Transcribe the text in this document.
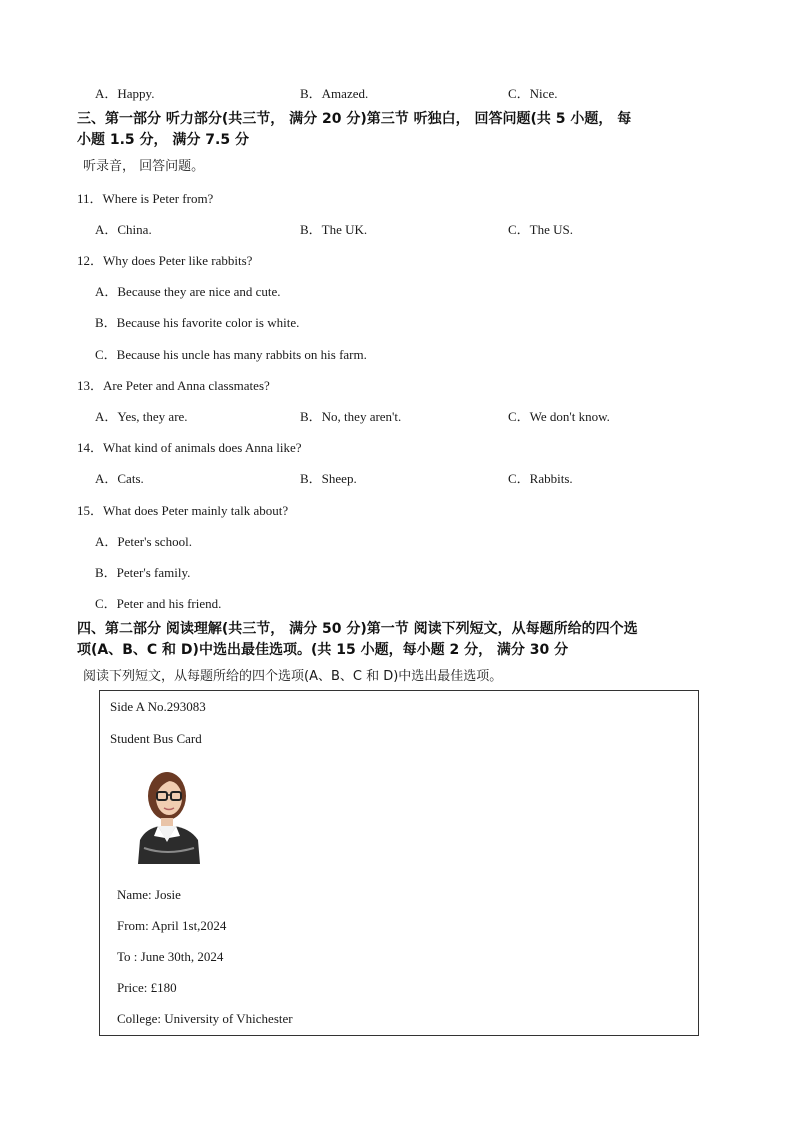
A．Happy.	B．Amazed.	C．Nice.
三、第一部分 听力部分(共三节， 满分 20 分)第三节 听独白， 回答问题(共 5 小题， 每
小题 1.5 分， 满分 7.5 分
听录音， 回答问题。
11．Where is Peter from?
A．China.	B．The UK.	C．The US.
12．Why does Peter like rabbits?
A．Because they are nice and cute.
B．Because his favorite color is white.
C．Because his uncle has many rabbits on his farm.
13．Are Peter and Anna classmates?
A．Yes, they are.	B．No, they aren't.	C．We don't know.
14．What kind of animals does Anna like?
A．Cats.	B．Sheep.	C．Rabbits.
15．What does Peter mainly talk about?
A．Peter's school.
B．Peter's family.
C．Peter and his friend.
四、第二部分 阅读理解(共三节， 满分 50 分)第一节 阅读下列短文，从每题所给的四个选
项(A、B、C 和 D)中选出最佳选项。(共 15 小题，每小题 2 分， 满分 30 分
阅读下列短文，从每题所给的四个选项(A、B、C 和 D)中选出最佳选项。
Side A No.293083
Student Bus Card
Name: Josie
From: April 1st,2024
To : June 30th, 2024
Price: £180
College: University of Vhichester
